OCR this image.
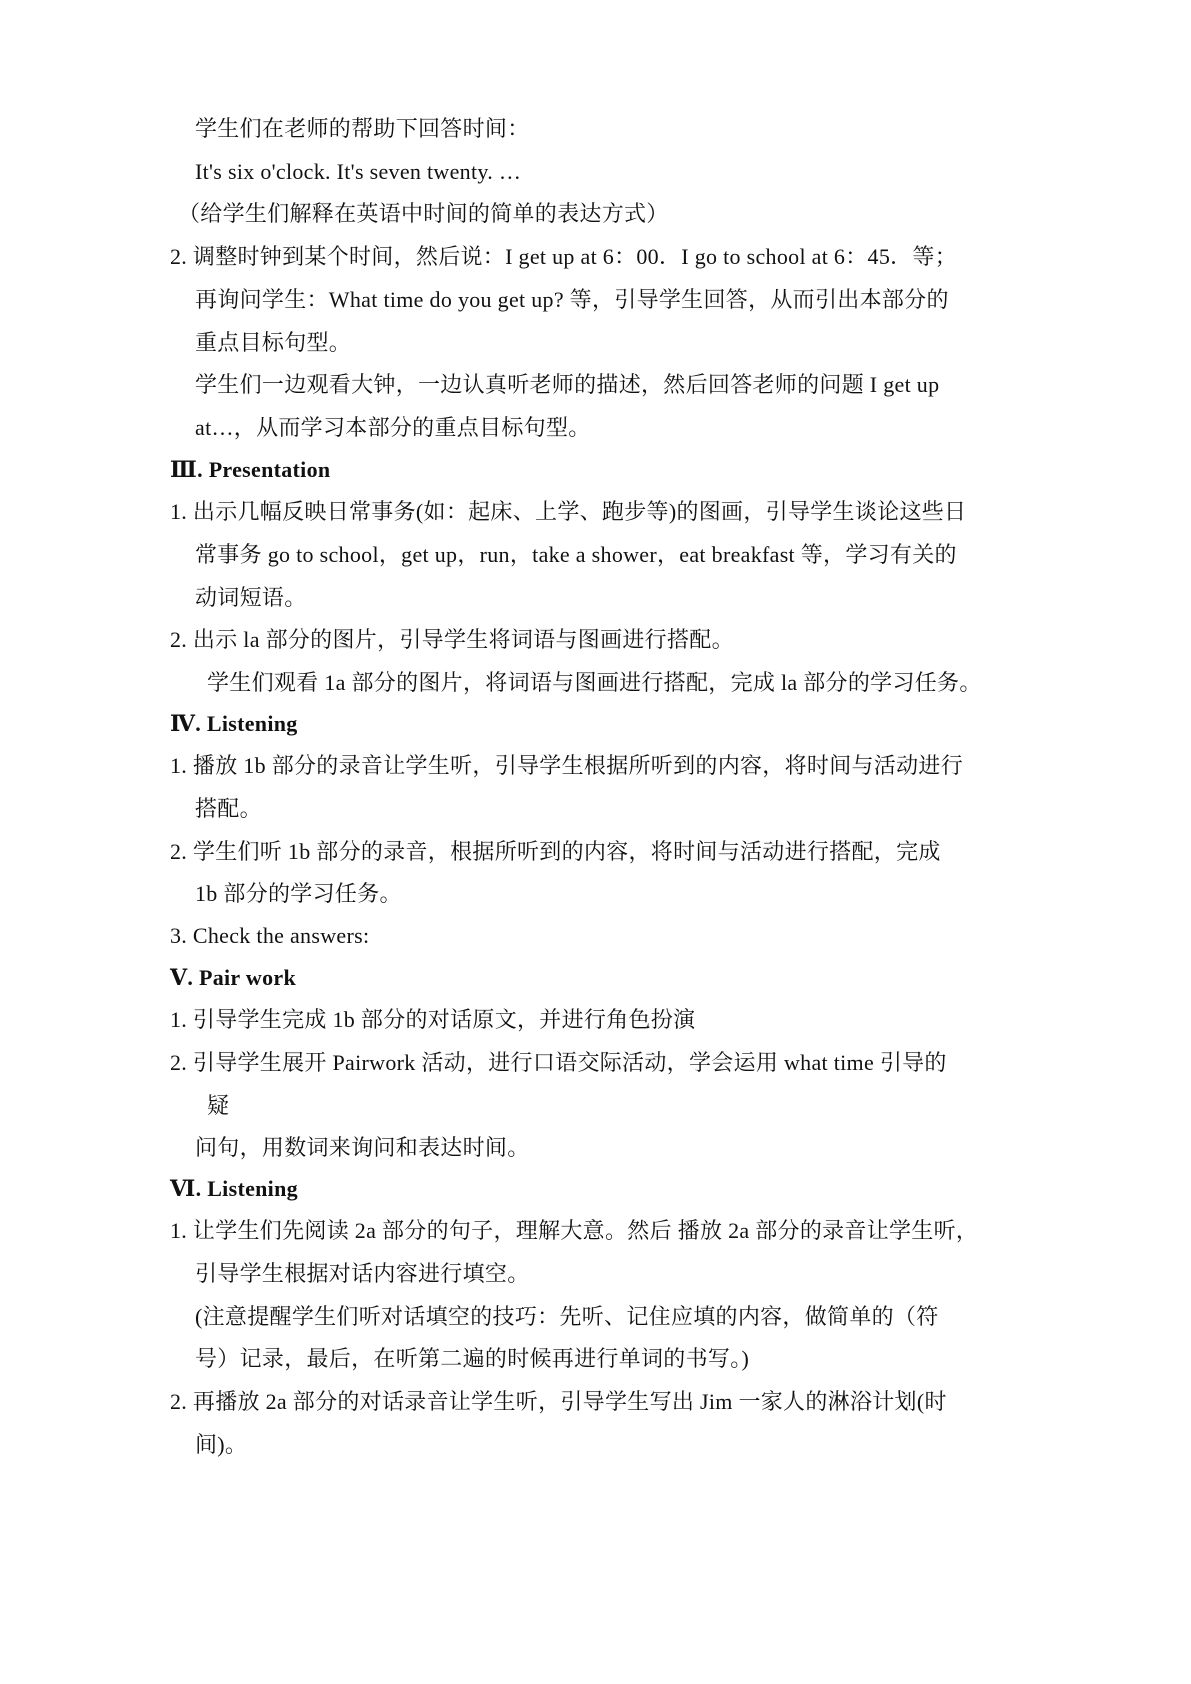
学生们在老师的帮助下回答时间：
It's six o'clock. It's seven twenty. …
（给学生们解释在英语中时间的简单的表达方式）
2. 调整时钟到某个时间，然后说：I get up at 6：00．I go to school at 6：45．等；
再询问学生：What time do you get up? 等，引导学生回答，从而引出本部分的
重点目标句型。
学生们一边观看大钟，一边认真听老师的描述，然后回答老师的问题 I get up
at…，从而学习本部分的重点目标句型。
Ⅲ. Presentation
1. 出示几幅反映日常事务(如：起床、上学、跑步等)的图画，引导学生谈论这些日
常事务 go to school，get up，run，take a shower，eat breakfast 等，学习有关的
动词短语。
2. 出示 la 部分的图片，引导学生将词语与图画进行搭配。
学生们观看 1a 部分的图片，将词语与图画进行搭配，完成 la 部分的学习任务。
Ⅳ. Listening
1. 播放 1b 部分的录音让学生听，引导学生根据所听到的内容，将时间与活动进行
搭配。
2. 学生们听 1b 部分的录音，根据所听到的内容，将时间与活动进行搭配，完成
1b 部分的学习任务。
3. Check the answers:
Ⅴ. Pair work
1. 引导学生完成 1b 部分的对话原文，并进行角色扮演
2. 引导学生展开 Pairwork 活动，进行口语交际活动，学会运用 what time 引导的
疑
问句，用数词来询问和表达时间。
Ⅵ. Listening
1. 让学生们先阅读 2a 部分的句子，理解大意。然后 播放 2a 部分的录音让学生听，
引导学生根据对话内容进行填空。
(注意提醒学生们听对话填空的技巧：先听、记住应填的内容，做简单的（符
号）记录，最后，在听第二遍的时候再进行单词的书写。)
2. 再播放 2a 部分的对话录音让学生听，引导学生写出 Jim 一家人的淋浴计划(时
间)。
